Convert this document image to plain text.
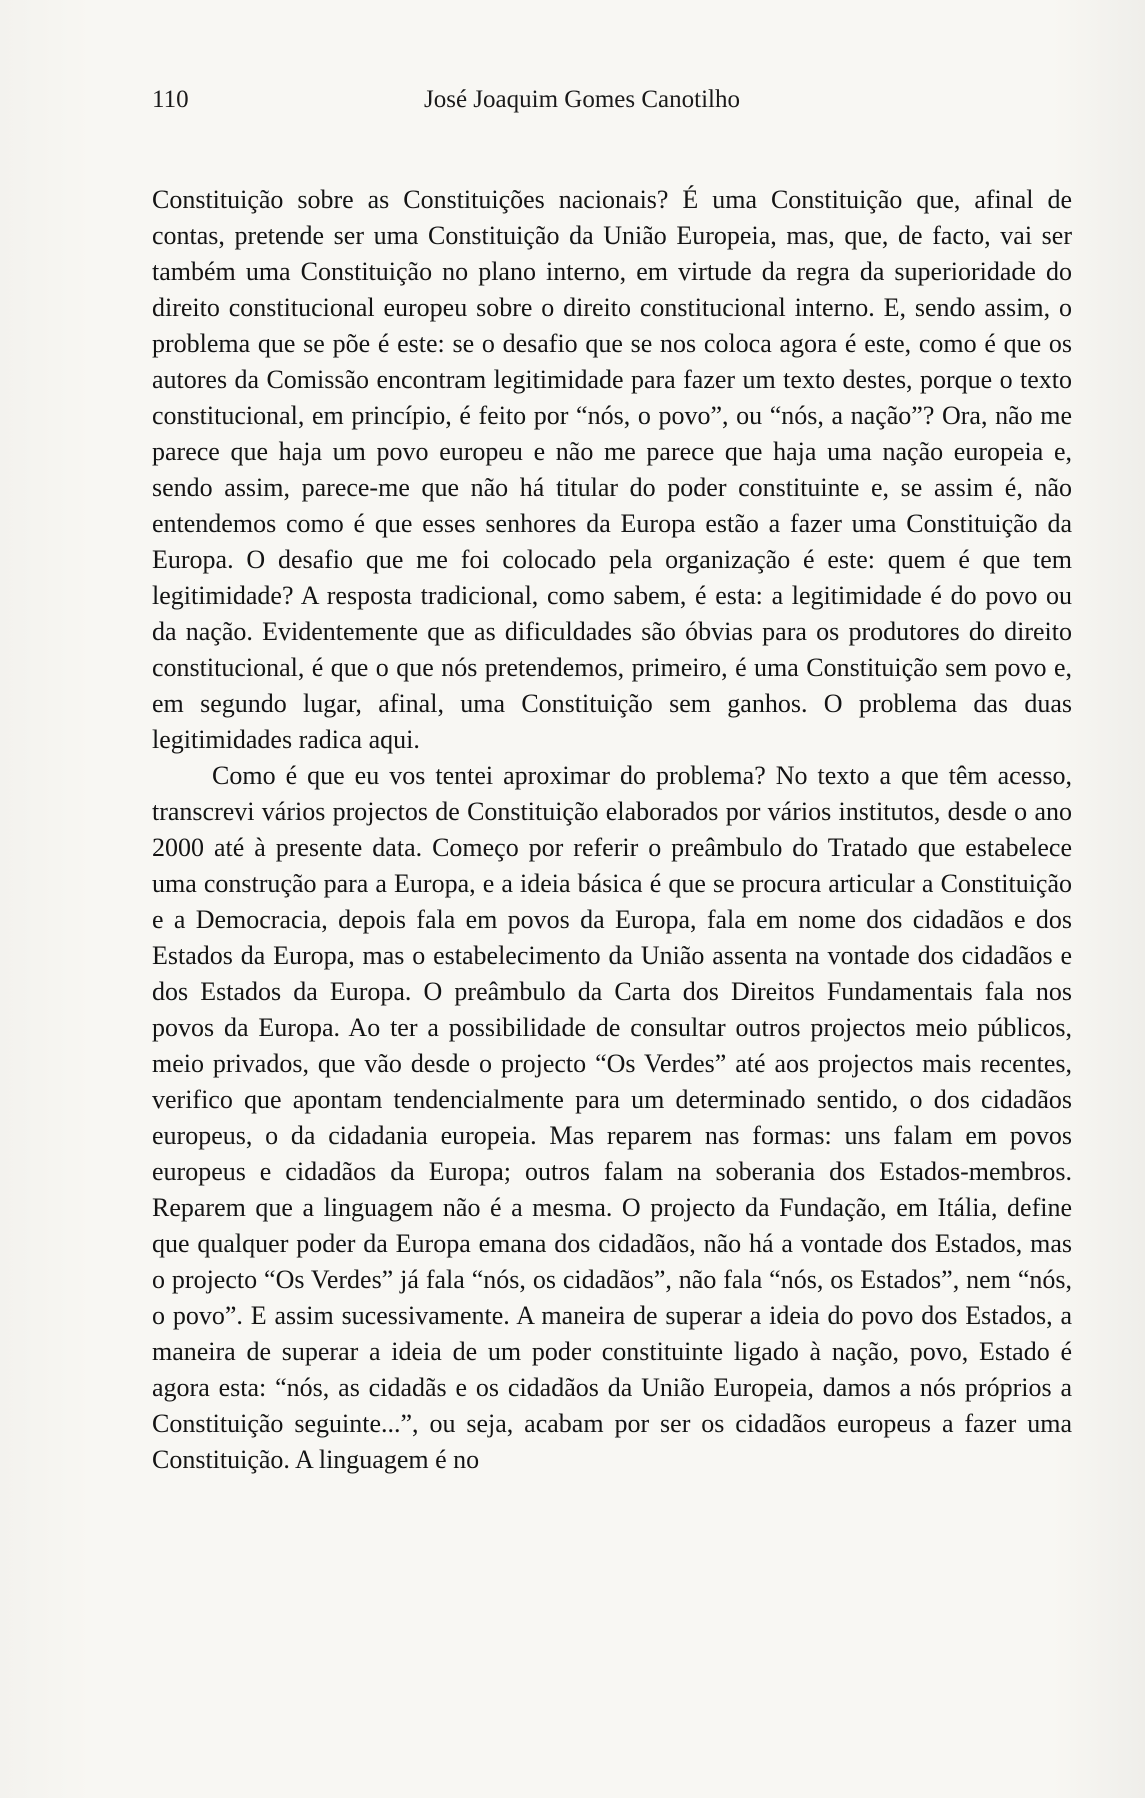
110	José Joaquim Gomes Canotilho

Constituição sobre as Constituições nacionais? É uma Constituição que, afinal de contas, pretende ser uma Constituição da União Europeia, mas, que, de facto, vai ser também uma Constituição no plano interno, em virtude da regra da superioridade do direito constitucional europeu sobre o direito constitucional interno. E, sendo assim, o problema que se põe é este: se o desafio que se nos coloca agora é este, como é que os autores da Comissão encontram legitimidade para fazer um texto destes, porque o texto constitucional, em princípio, é feito por “nós, o povo”, ou “nós, a nação”? Ora, não me parece que haja um povo europeu e não me parece que haja uma nação europeia e, sendo assim, parece-me que não há titular do poder constituinte e, se assim é, não entendemos como é que esses senhores da Europa estão a fazer uma Constituição da Europa. O desafio que me foi colocado pela organização é este: quem é que tem legitimidade? A resposta tradicional, como sabem, é esta: a legitimidade é do povo ou da nação. Evidentemente que as dificuldades são óbvias para os produtores do direito constitucional, é que o que nós pretendemos, primeiro, é uma Constituição sem povo e, em segundo lugar, afinal, uma Constituição sem ganhos. O problema das duas legitimidades radica aqui.

Como é que eu vos tentei aproximar do problema? No texto a que têm acesso, transcrevi vários projectos de Constituição elaborados por vários institutos, desde o ano 2000 até à presente data. Começo por referir o preâmbulo do Tratado que estabelece uma construção para a Europa, e a ideia básica é que se procura articular a Constituição e a Democracia, depois fala em povos da Europa, fala em nome dos cidadãos e dos Estados da Europa, mas o estabelecimento da União assenta na vontade dos cidadãos e dos Estados da Europa. O preâmbulo da Carta dos Direitos Fundamentais fala nos povos da Europa. Ao ter a possibilidade de consultar outros projectos meio públicos, meio privados, que vão desde o projecto “Os Verdes” até aos projectos mais recentes, verifico que apontam tendencialmente para um determinado sentido, o dos cidadãos europeus, o da cidadania europeia. Mas reparem nas formas: uns falam em povos europeus e cidadãos da Europa; outros falam na soberania dos Estados-membros. Reparem que a linguagem não é a mesma. O projecto da Fundação, em Itália, define que qualquer poder da Europa emana dos cidadãos, não há a vontade dos Estados, mas o projecto “Os Verdes” já fala “nós, os cidadãos”, não fala “nós, os Estados”, nem “nós, o povo”. E assim sucessivamente. A maneira de superar a ideia do povo dos Estados, a maneira de superar a ideia de um poder constituinte ligado à nação, povo, Estado é agora esta: “nós, as cidadãs e os cidadãos da União Europeia, damos a nós próprios a Constituição seguinte...”, ou seja, acabam por ser os cidadãos europeus a fazer uma Constituição. A linguagem é no
